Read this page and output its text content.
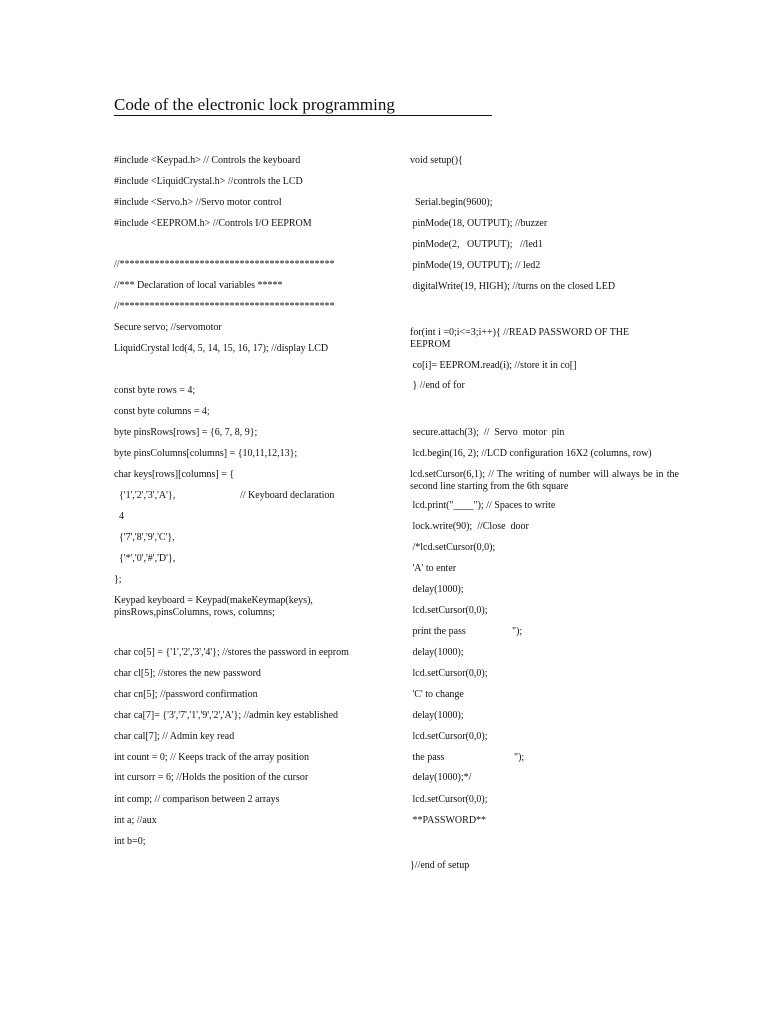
Code of the electronic lock programming
#include <Keypad.h> // Controls the keyboard
#include <LiquidCrystal.h> //controls the LCD
#include <Servo.h> //Servo motor control
#include <EEPROM.h> //Controls I/O EEPROM
//*******************************************
//*** Declaration of local variables *****
//*******************************************
Secure servo; //servomotor
LiquidCrystal lcd(4, 5, 14, 15, 16, 17); //display LCD
const byte rows = 4;
const byte columns = 4;
byte pinsRows[rows] = {6, 7, 8, 9};
byte pinsColumns[columns] = {10,11,12,13};
char keys[rows][columns] = {
{'1','2','3','A'},	// Keyboard declaration
4
{'7','8','9','C'},
{'*','0','#','D'},
};
Keypad keyboard = Keypad(makeKeymap(keys), pinsRows,pinsColumns, rows, columns;
char co[5] = {'1','2','3','4'}; //stores the password in eeprom
char cl[5]; //stores the new password
char cn[5]; //password confirmation
char ca[7]= {'3','7','1','9','2','A'}; //admin key established
char cal[7]; // Admin key read
int count = 0; // Keeps track of the array position
int cursorr = 6; //Holds the position of the cursor
int comp; // comparison between 2 arrays
int a; //aux
int b=0;
void setup(){
Serial.begin(9600);
pinMode(18, OUTPUT); //buzzer
pinMode(2,   OUTPUT);   //led1
pinMode(19, OUTPUT); // led2
digitalWrite(19, HIGH); //turns on the closed LED
for(int i =0;i<=3;i++){ //READ PASSWORD OF THE EEPROM
co[i]= EEPROM.read(i); //store it in co[]
} //end of for
secure.attach(3);  //  Servo  motor  pin
lcd.begin(16, 2); //LCD configuration 16X2 (columns, row)
lcd.setCursor(6,1); // The writing of number will always be in the second line starting from the 6th square
lcd.print("____"); // Spaces to write
lock.write(90);  //Close  door
/*lcd.setCursor(0,0);
'A' to enter
delay(1000);
lcd.setCursor(0,0);
print the pass	");
delay(1000);
lcd.setCursor(0,0);
'C' to change
delay(1000);
lcd.setCursor(0,0);
the pass	");
delay(1000);*/
lcd.setCursor(0,0);
**PASSWORD**
}//end of setup
